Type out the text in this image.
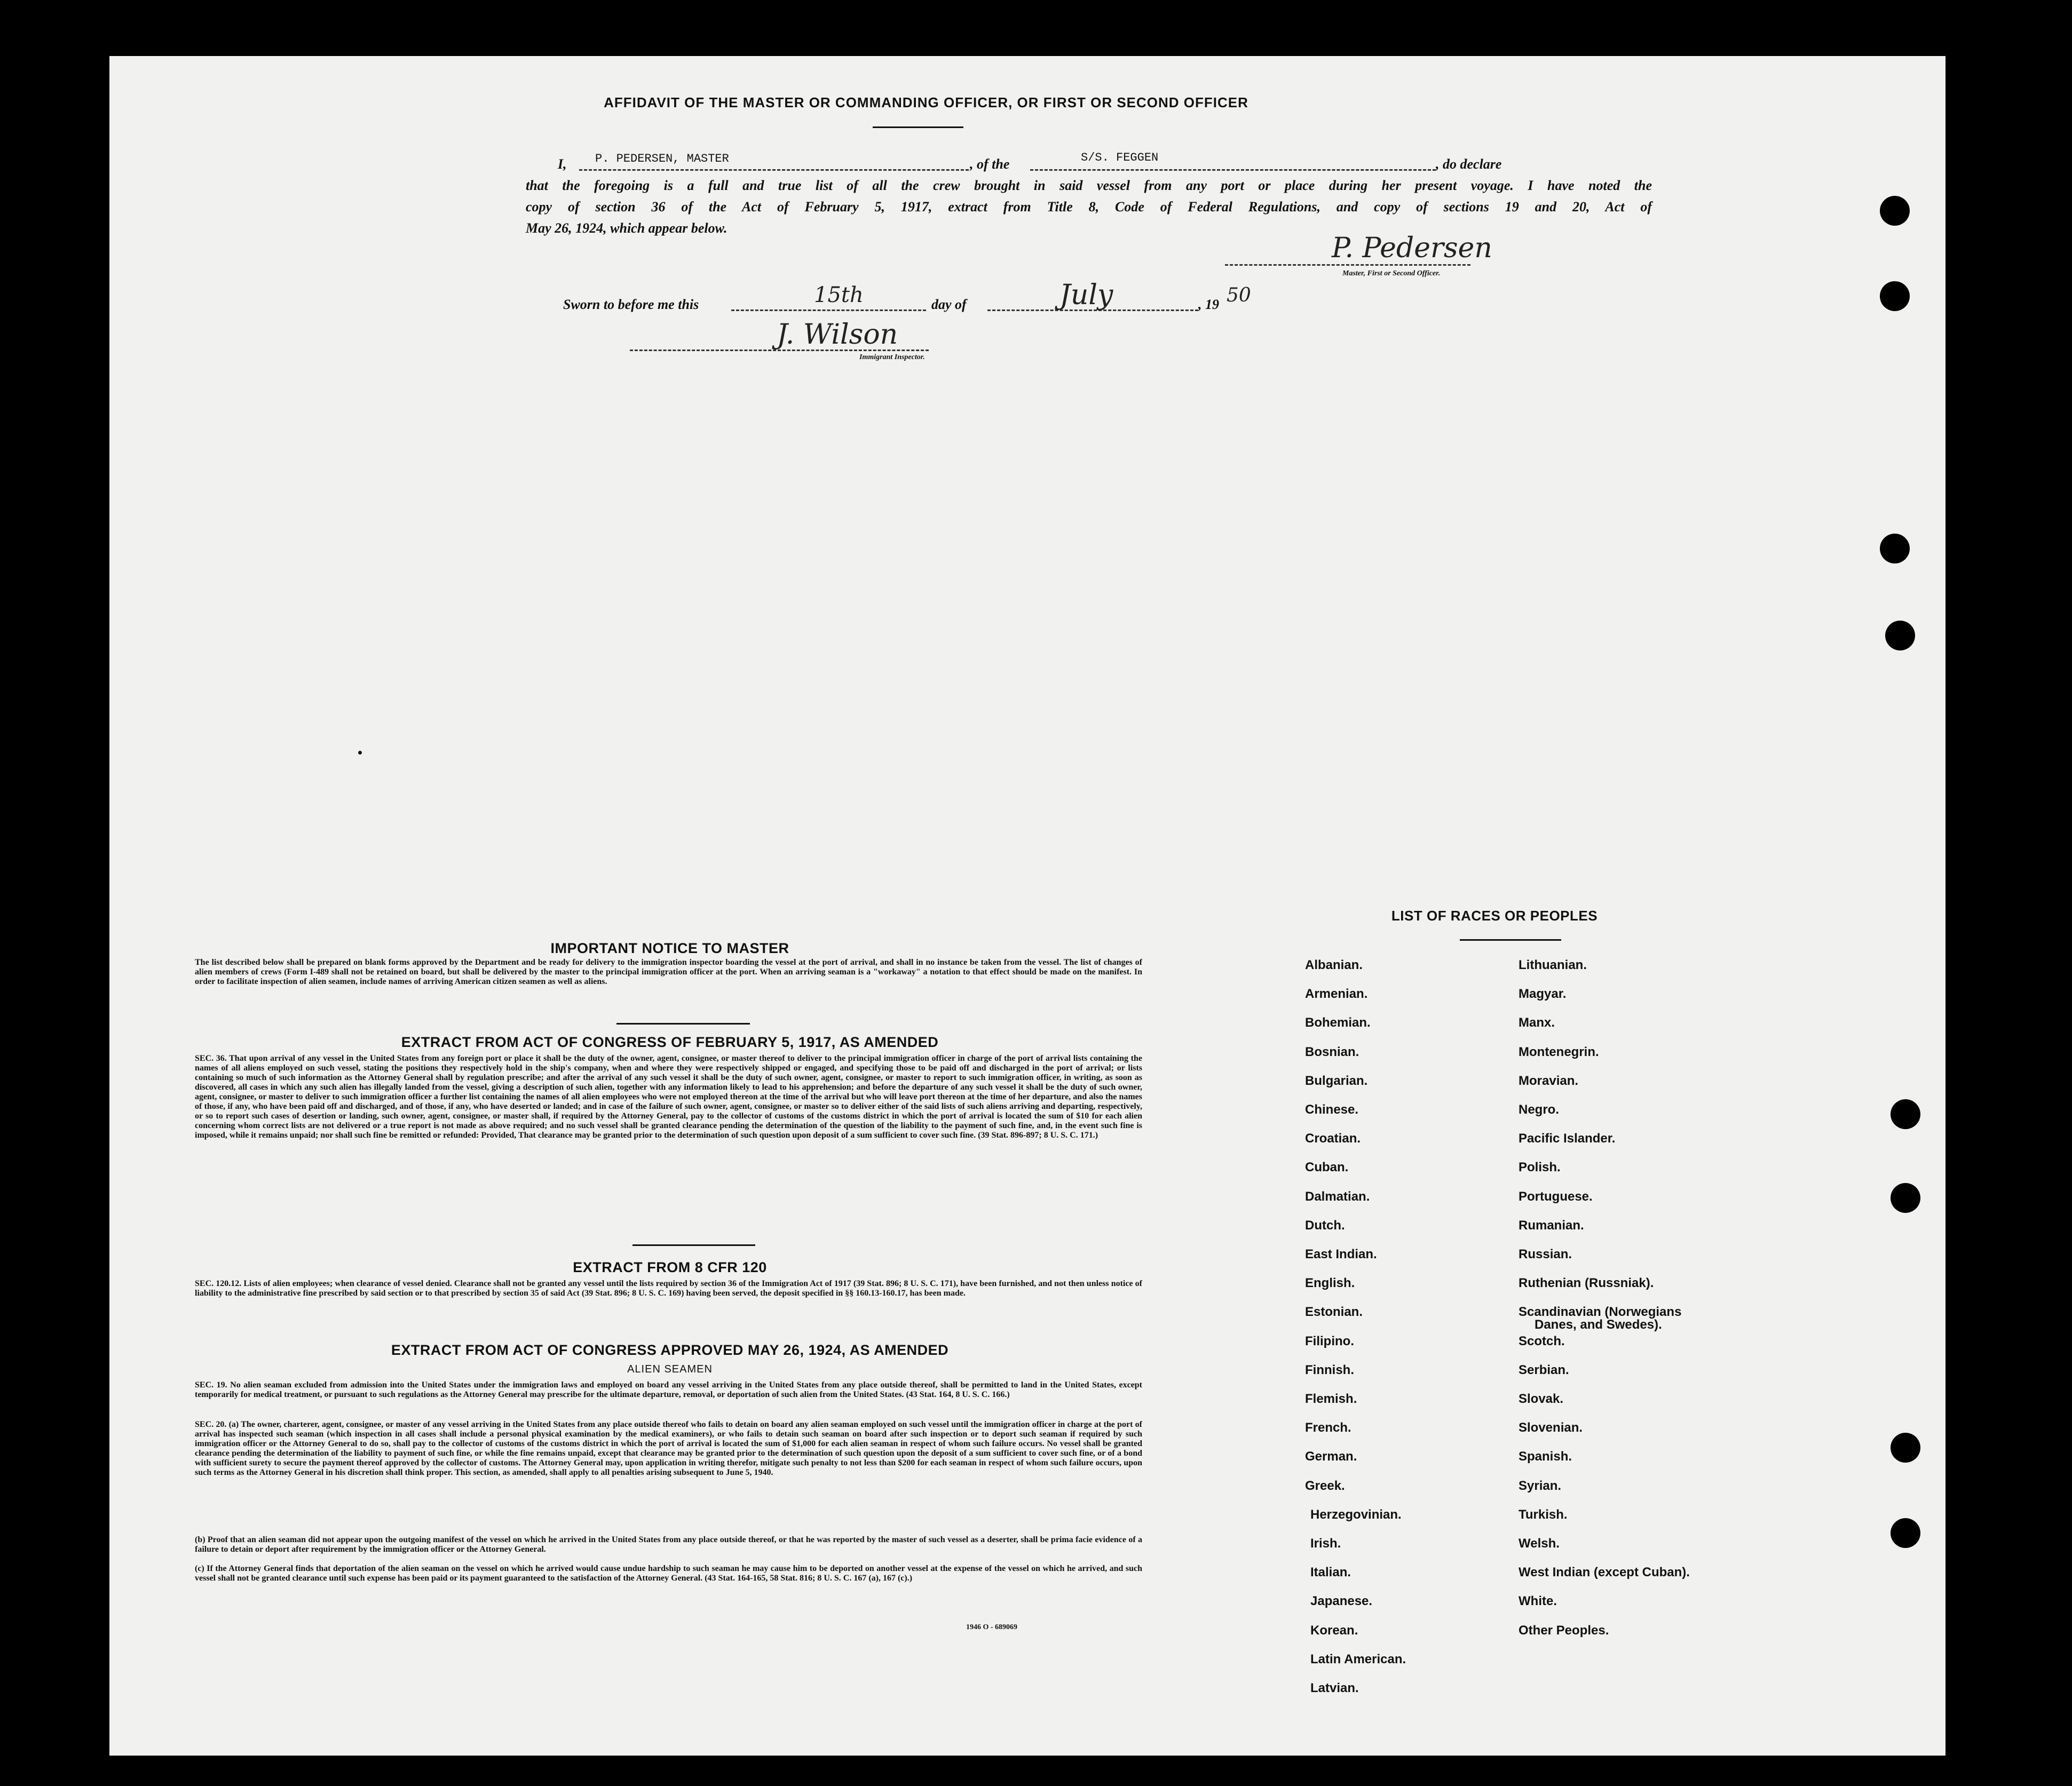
AFFIDAVIT OF THE MASTER OR COMMANDING OFFICER, OR FIRST OR SECOND OFFICER
I,	P. PEDERSEN, MASTER	, of the	S/S. FEGGEN	, do declare
that the foregoing is a full and true list of all the crew brought in said vessel from any port or place during her present voyage. I have noted the
copy of section 36 of the Act of February 5, 1917, extract from Title 8, Code of Federal Regulations, and copy of sections 19 and 20, Act of
May 26, 1924, which appear below.
P. Pedersen
Master, First or Second Officer.
Sworn to before me this	15th	day of	July	, 19 50
J. Wilson
Immigrant Inspector.
IMPORTANT NOTICE TO MASTER
The list described below shall be prepared on blank forms approved by the Department and be ready for delivery to the immigration inspector boarding the vessel at the port of arrival, and shall in no instance be taken from the vessel. The list of changes of alien members of crews (Form I-489 shall not be retained on board, but shall be delivered by the master to the principal immigration officer at the port. When an arriving seaman is a "workaway" a notation to that effect should be made on the manifest. In order to facilitate inspection of alien seamen, include names of arriving American citizen seamen as well as aliens.
EXTRACT FROM ACT OF CONGRESS OF FEBRUARY 5, 1917, AS AMENDED
SEC. 36. That upon arrival of any vessel in the United States from any foreign port or place it shall be the duty of the owner, agent, consignee, or master thereof to deliver to the principal immigration officer in charge of the port of arrival lists containing the names of all aliens employed on such vessel, stating the positions they respectively hold in the ship's company, when and where they were respectively shipped or engaged, and specifying those to be paid off and discharged in the port of arrival; or lists containing so much of such information as the Attorney General shall by regulation prescribe; and after the arrival of any such vessel it shall be the duty of such owner, agent, consignee, or master to report to such immigration officer, in writing, as soon as discovered, all cases in which any such alien has illegally landed from the vessel, giving a description of such alien, together with any information likely to lead to his apprehension; and before the departure of any such vessel it shall be the duty of such owner, agent, consignee, or master to deliver to such immigration officer a further list containing the names of all alien employees who were not employed thereon at the time of the arrival but who will leave port thereon at the time of her departure, and also the names of those, if any, who have been paid off and discharged, and of those, if any, who have deserted or landed; and in case of the failure of such owner, agent, consignee, or master so to deliver either of the said lists of such aliens arriving and departing, respectively, or so to report such cases of desertion or landing, such owner, agent, consignee, or master shall, if required by the Attorney General, pay to the collector of customs of the customs district in which the port of arrival is located the sum of $10 for each alien concerning whom correct lists are not delivered or a true report is not made as above required; and no such vessel shall be granted clearance pending the determination of the question of the liability to the payment of such fine, and, in the event such fine is imposed, while it remains unpaid; nor shall such fine be remitted or refunded: Provided, That clearance may be granted prior to the determination of such question upon deposit of a sum sufficient to cover such fine. (39 Stat. 896-897; 8 U. S. C. 171.)
EXTRACT FROM 8 CFR 120
SEC. 120.12. Lists of alien employees; when clearance of vessel denied. Clearance shall not be granted any vessel until the lists required by section 36 of the Immigration Act of 1917 (39 Stat. 896; 8 U. S. C. 171), have been furnished, and not then unless notice of liability to the administrative fine prescribed by said section or to that prescribed by section 35 of said Act (39 Stat. 896; 8 U. S. C. 169) having been served, the deposit specified in §§ 160.13-160.17, has been made.
EXTRACT FROM ACT OF CONGRESS APPROVED MAY 26, 1924, AS AMENDED
ALIEN SEAMEN
SEC. 19. No alien seaman excluded from admission into the United States under the immigration laws and employed on board any vessel arriving in the United States from any place outside thereof, shall be permitted to land in the United States, except temporarily for medical treatment, or pursuant to such regulations as the Attorney General may prescribe for the ultimate departure, removal, or deportation of such alien from the United States. (43 Stat. 164, 8 U. S. C. 166.)
SEC. 20. (a) The owner, charterer, agent, consignee, or master of any vessel arriving in the United States from any place outside thereof who fails to detain on board any alien seaman employed on such vessel until the immigration officer in charge at the port of arrival has inspected such seaman (which inspection in all cases shall include a personal physical examination by the medical examiners), or who fails to detain such seaman on board after such inspection or to deport such seaman if required by such immigration officer or the Attorney General to do so, shall pay to the collector of customs of the customs district in which the port of arrival is located the sum of $1,000 for each alien seaman in respect of whom such failure occurs. No vessel shall be granted clearance pending the determination of the liability to payment of such fine, or while the fine remains unpaid, except that clearance may be granted prior to the determination of such question upon the deposit of a sum sufficient to cover such fine, or of a bond with sufficient surety to secure the payment thereof approved by the collector of customs. The Attorney General may, upon application in writing therefor, mitigate such penalty to not less than $200 for each seaman in respect of whom such failure occurs, upon such terms as the Attorney General in his discretion shall think proper. This section, as amended, shall apply to all penalties arising subsequent to June 5, 1940.
(b) Proof that an alien seaman did not appear upon the outgoing manifest of the vessel on which he arrived in the United States from any place outside thereof, or that he was reported by the master of such vessel as a deserter, shall be prima facie evidence of a failure to detain or deport after requirement by the immigration officer or the Attorney General.
(c) If the Attorney General finds that deportation of the alien seaman on the vessel on which he arrived would cause undue hardship to such seaman he may cause him to be deported on another vessel at the expense of the vessel on which he arrived, and such vessel shall not be granted clearance until such expense has been paid or its payment guaranteed to the satisfaction of the Attorney General. (43 Stat. 164-165, 58 Stat. 816; 8 U. S. C. 167 (a), 167 (c).)
1946 O - 689069
LIST OF RACES OR PEOPLES
Albanian.
Armenian.
Bohemian.
Bosnian.
Bulgarian.
Chinese.
Croatian.
Cuban.
Dalmatian.
Dutch.
East Indian.
English.
Estonian.
Filipino.
Finnish.
Flemish.
French.
German.
Greek.
Herzegovinian.
Irish.
Italian.
Japanese.
Korean.
Latin American.
Latvian.
Lithuanian.
Magyar.
Manx.
Montenegrin.
Moravian.
Negro.
Pacific Islander.
Polish.
Portuguese.
Rumanian.
Russian.
Ruthenian (Russniak).
Scandinavian (Norwegians
Danes, and Swedes).
Scotch.
Serbian.
Slovak.
Slovenian.
Spanish.
Syrian.
Turkish.
Welsh.
West Indian (except Cuban).
White.
Other Peoples.
